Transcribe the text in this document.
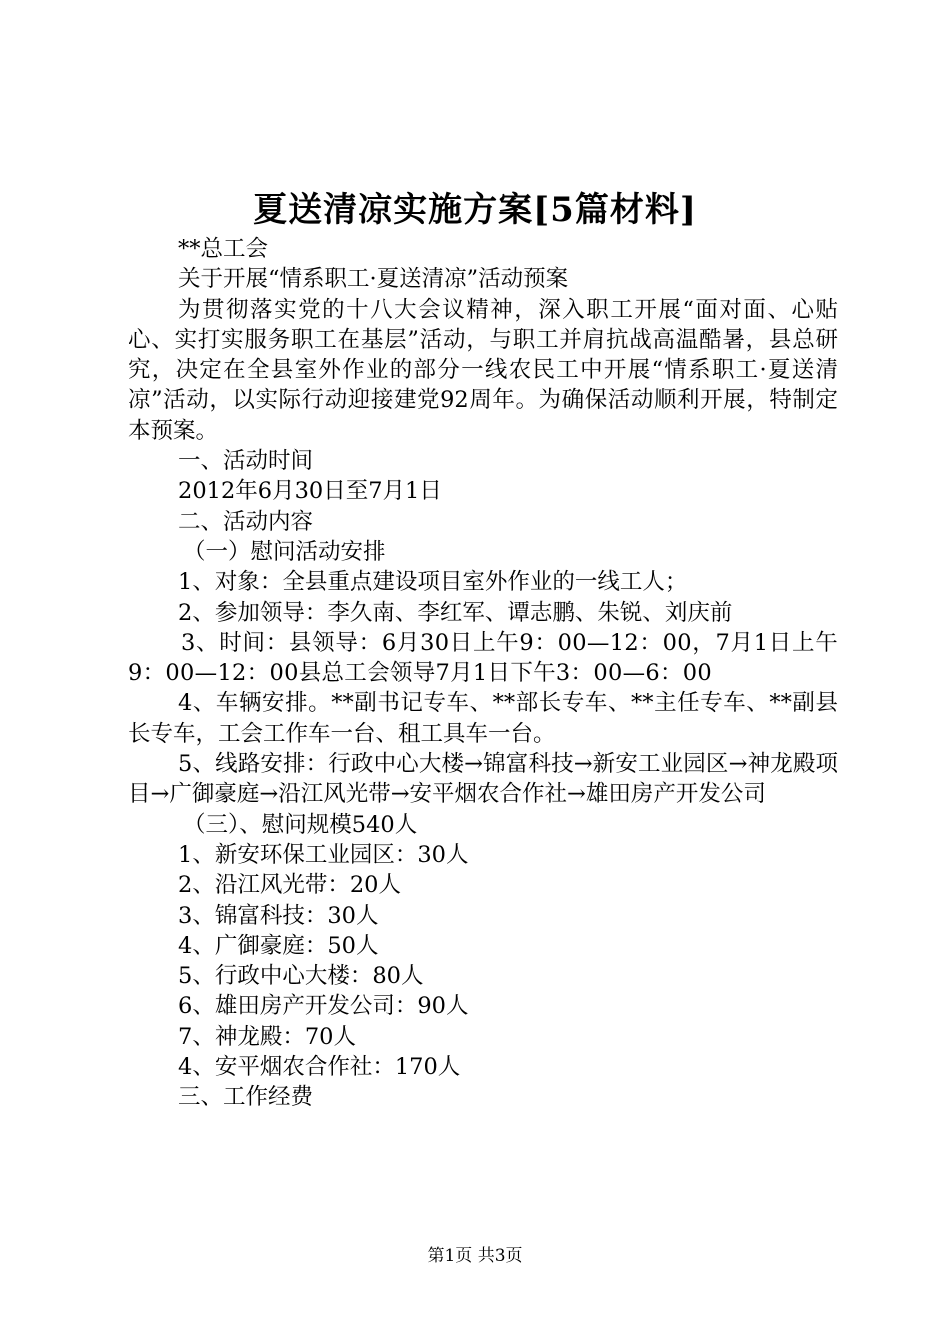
夏送清凉实施方案[5篇材料]

**总工会

关于开展“情系职工·夏送清凉”活动预案

为贯彻落实党的十八大会议精神，深入职工开展“面对面、心贴心、实打实服务职工在基层”活动，与职工并肩抗战高温酷暑，县总研究，决定在全县室外作业的部分一线农民工中开展“情系职工·夏送清凉”活动，以实际行动迎接建党92周年。为确保活动顺利开展，特制定本预案。

一、活动时间

2012年6月30日至7月1日

二、活动内容

（一）慰问活动安排

1、对象：全县重点建设项目室外作业的一线工人；

2、参加领导：李久南、李红军、谭志鹏、朱锐、刘庆前

3、时间：县领导：6月30日上午9：00—12：00，7月1日上午9：00—12：00县总工会领导7月1日下午3：00—6：00

4、车辆安排。**副书记专车、**部长专车、**主任专车、**副县长专车，工会工作车一台、租工具车一台。

5、线路安排：行政中心大楼→锦富科技→新安工业园区→神龙殿项目→广御豪庭→沿江风光带→安平烟农合作社→雄田房产开发公司

（三）、慰问规模540人

1、新安环保工业园区：30人

2、沿江风光带：20人

3、锦富科技：30人

4、广御豪庭：50人

5、行政中心大楼：80人

6、雄田房产开发公司：90人

7、神龙殿：70人

4、安平烟农合作社：170人

三、工作经费

第1页 共3页
